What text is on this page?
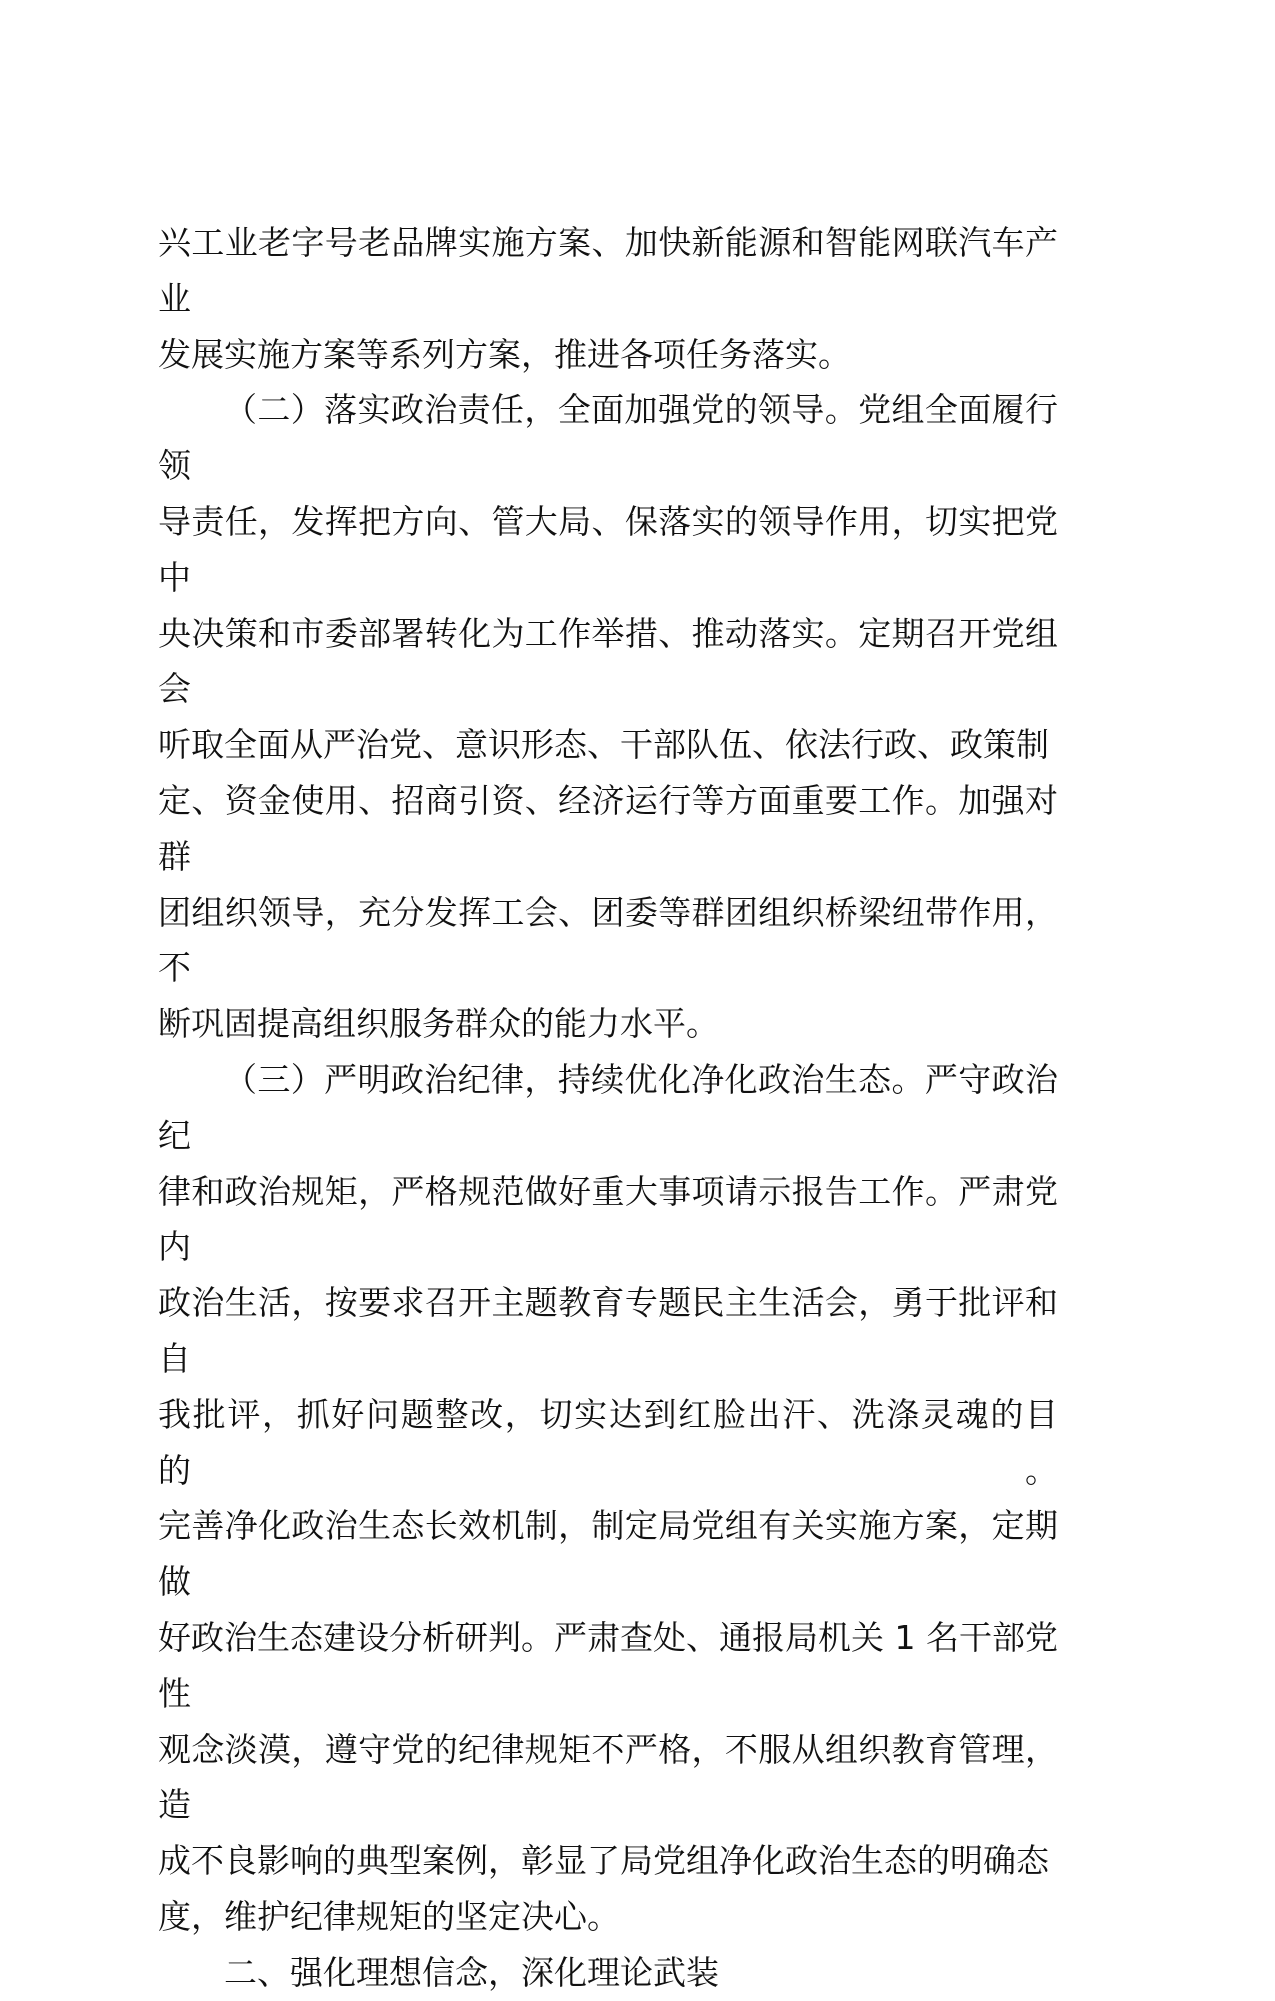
兴工业老字号老品牌实施方案、加快新能源和智能网联汽车产业
发展实施方案等系列方案，推进各项任务落实。
（二）落实政治责任，全面加强党的领导。党组全面履行领
导责任，发挥把方向、管大局、保落实的领导作用，切实把党中
央决策和市委部署转化为工作举措、推动落实。定期召开党组会
听取全面从严治党、意识形态、干部队伍、依法行政、政策制
定、资金使用、招商引资、经济运行等方面重要工作。加强对群
团组织领导，充分发挥工会、团委等群团组织桥梁纽带作用，不
断巩固提高组织服务群众的能力水平。
（三）严明政治纪律，持续优化净化政治生态。严守政治纪
律和政治规矩，严格规范做好重大事项请示报告工作。严肃党内
政治生活，按要求召开主题教育专题民主生活会，勇于批评和自
我批评，抓好问题整改，切实达到红脸出汗、洗涤灵魂的目的。
完善净化政治生态长效机制，制定局党组有关实施方案，定期做
好政治生态建设分析研判。严肃查处、通报局机关 1 名干部党性
观念淡漠，遵守党的纪律规矩不严格，不服从组织教育管理，造
成不良影响的典型案例，彰显了局党组净化政治生态的明确态
度，维护纪律规矩的坚定决心。
二、强化理想信念，深化理论武装
